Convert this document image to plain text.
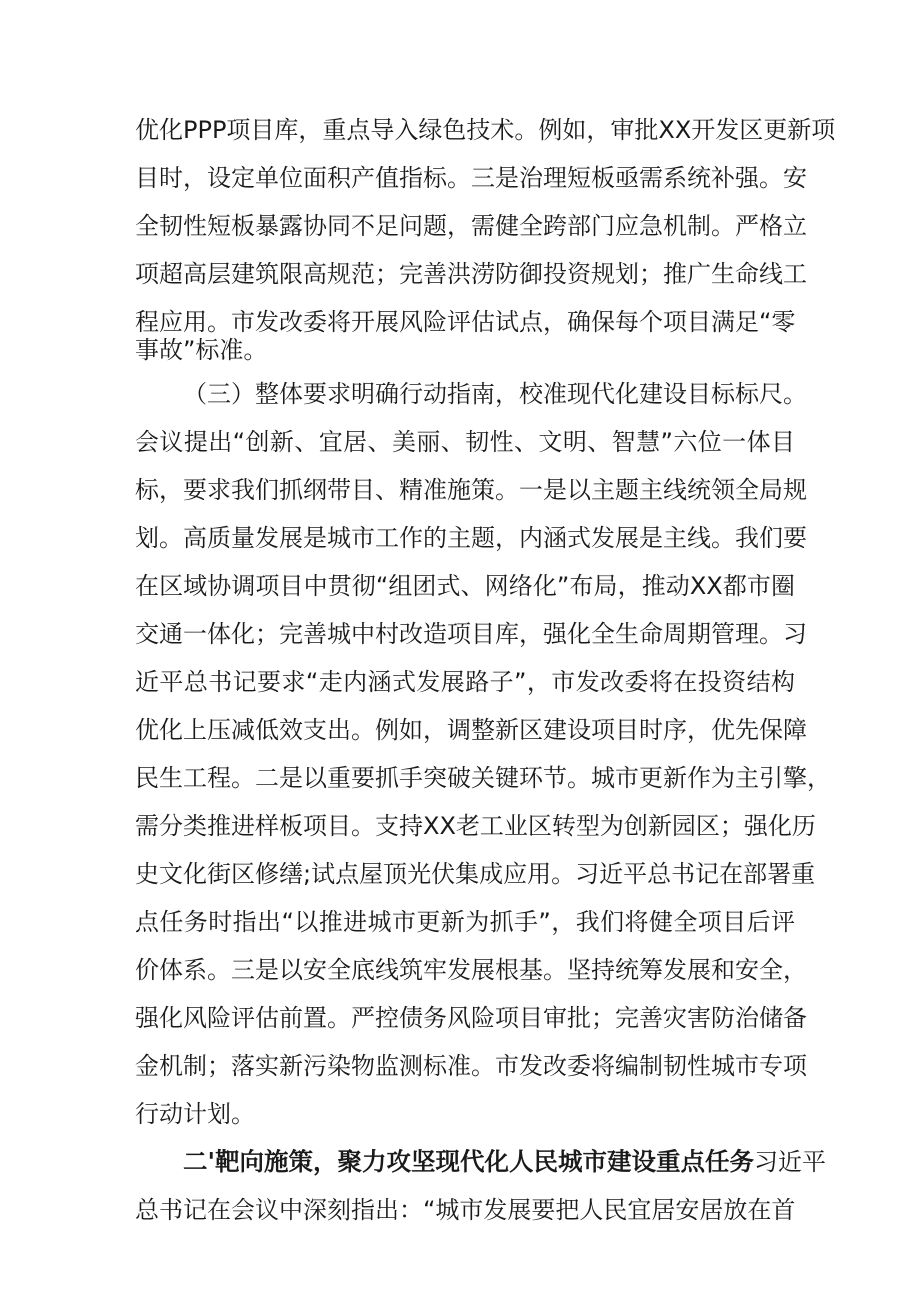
优化PPP项目库，重点导入绿色技术。例如，审批XX开发区更新项
目时，设定单位面积产值指标。三是治理短板亟需系统补强。安
全韧性短板暴露协同不足问题，需健全跨部门应急机制。严格立
项超高层建筑限高规范；完善洪涝防御投资规划；推广生命线工
程应用。市发改委将开展风险评估试点，确保每个项目满足“零
事故”标准。
（三）整体要求明确行动指南，校准现代化建设目标标尺。
会议提出“创新、宜居、美丽、韧性、文明、智慧”六位一体目
标，要求我们抓纲带目、精准施策。一是以主题主线统领全局规
划。高质量发展是城市工作的主题，内涵式发展是主线。我们要
在区域协调项目中贯彻“组团式、网络化”布局，推动XX都市圈
交通一体化；完善城中村改造项目库，强化全生命周期管理。习
近平总书记要求“走内涵式发展路子”，市发改委将在投资结构
优化上压减低效支出。例如，调整新区建设项目时序，优先保障
民生工程。二是以重要抓手突破关键环节。城市更新作为主引擎，
需分类推进样板项目。支持XX老工业区转型为创新园区；强化历
史文化街区修缮;试点屋顶光伏集成应用。习近平总书记在部署重
点任务时指出“以推进城市更新为抓手”，我们将健全项目后评
价体系。三是以安全底线筑牢发展根基。坚持统筹发展和安全，
强化风险评估前置。严控债务风险项目审批；完善灾害防治储备
金机制；落实新污染物监测标准。市发改委将编制韧性城市专项
行动计划。
二'靶向施策，聚力攻坚现代化人民城市建设重点任务习近平
总书记在会议中深刻指出：“城市发展要把人民宜居安居放在首
